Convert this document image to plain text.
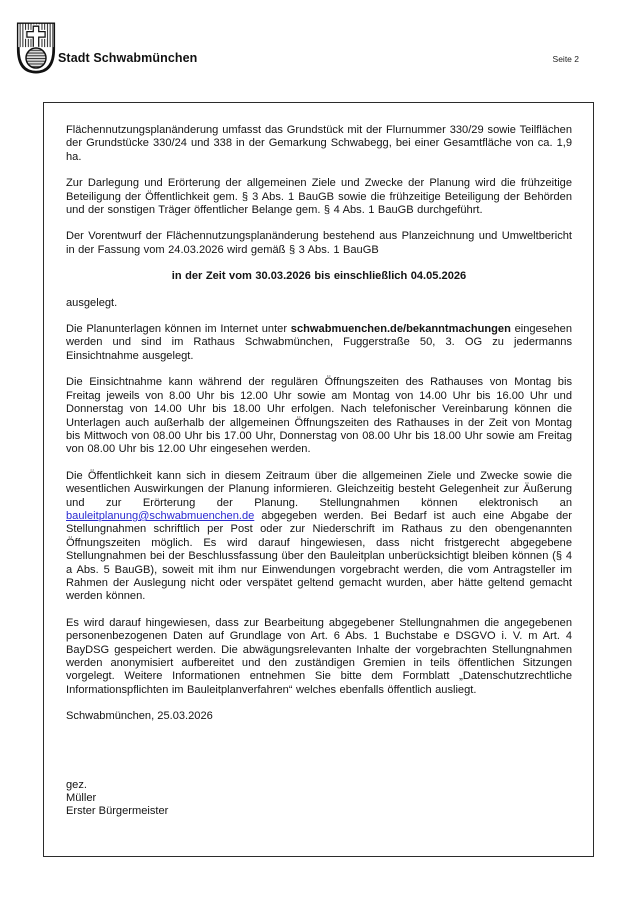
Stadt Schwabmünchen	Seite 2

Flächennutzungsplanänderung umfasst das Grundstück mit der Flurnummer 330/29 sowie Teilflächen der Grundstücke 330/24 und 338 in der Gemarkung Schwabegg, bei einer Gesamtfläche von ca. 1,9 ha.

Zur Darlegung und Erörterung der allgemeinen Ziele und Zwecke der Planung wird die frühzeitige Beteiligung der Öffentlichkeit gem. § 3 Abs. 1 BauGB sowie die frühzeitige Beteiligung der Behörden und der sonstigen Träger öffentlicher Belange gem. § 4 Abs. 1 BauGB durchgeführt.

Der Vorentwurf der Flächennutzungsplanänderung bestehend aus Planzeichnung und Umweltbericht in der Fassung vom 24.03.2026 wird gemäß § 3 Abs. 1 BauGB

in der Zeit vom 30.03.2026 bis einschließlich 04.05.2026

ausgelegt.

Die Planunterlagen können im Internet unter schwabmuenchen.de/bekanntmachungen eingesehen werden und sind im Rathaus Schwabmünchen, Fuggerstraße 50, 3. OG zu jedermanns Einsichtnahme ausgelegt.

Die Einsichtnahme kann während der regulären Öffnungszeiten des Rathauses von Montag bis Freitag jeweils von 8.00 Uhr bis 12.00 Uhr sowie am Montag von 14.00 Uhr bis 16.00 Uhr und Donnerstag von 14.00 Uhr bis 18.00 Uhr erfolgen. Nach telefonischer Vereinbarung können die Unterlagen auch außerhalb der allgemeinen Öffnungszeiten des Rathauses in der Zeit von Montag bis Mittwoch von 08.00 Uhr bis 17.00 Uhr, Donnerstag von 08.00 Uhr bis 18.00 Uhr sowie am Freitag von 08.00 Uhr bis 12.00 Uhr eingesehen werden.

Die Öffentlichkeit kann sich in diesem Zeitraum über die allgemeinen Ziele und Zwecke sowie die wesentlichen Auswirkungen der Planung informieren. Gleichzeitig besteht Gelegenheit zur Äußerung und zur Erörterung der Planung. Stellungnahmen können elektronisch an bauleitplanung@schwabmuenchen.de abgegeben werden. Bei Bedarf ist auch eine Abgabe der Stellungnahmen schriftlich per Post oder zur Niederschrift im Rathaus zu den obengenannten Öffnungszeiten möglich. Es wird darauf hingewiesen, dass nicht fristgerecht abgegebene Stellungnahmen bei der Beschlussfassung über den Bauleitplan unberücksichtigt bleiben können (§ 4 a Abs. 5 BauGB), soweit mit ihm nur Einwendungen vorgebracht werden, die vom Antragsteller im Rahmen der Auslegung nicht oder verspätet geltend gemacht wurden, aber hätte geltend gemacht werden können.

Es wird darauf hingewiesen, dass zur Bearbeitung abgegebener Stellungnahmen die angegebenen personenbezogenen Daten auf Grundlage von Art. 6 Abs. 1 Buchstabe e DSGVO i. V. m Art. 4 BayDSG gespeichert werden. Die abwägungsrelevanten Inhalte der vorgebrachten Stellungnahmen werden anonymisiert aufbereitet und den zuständigen Gremien in teils öffentlichen Sitzungen vorgelegt. Weitere Informationen entnehmen Sie bitte dem Formblatt „Datenschutzrechtliche Informationspflichten im Bauleitplanverfahren“ welches ebenfalls öffentlich ausliegt.

Schwabmünchen, 25.03.2026

gez.
Müller
Erster Bürgermeister
